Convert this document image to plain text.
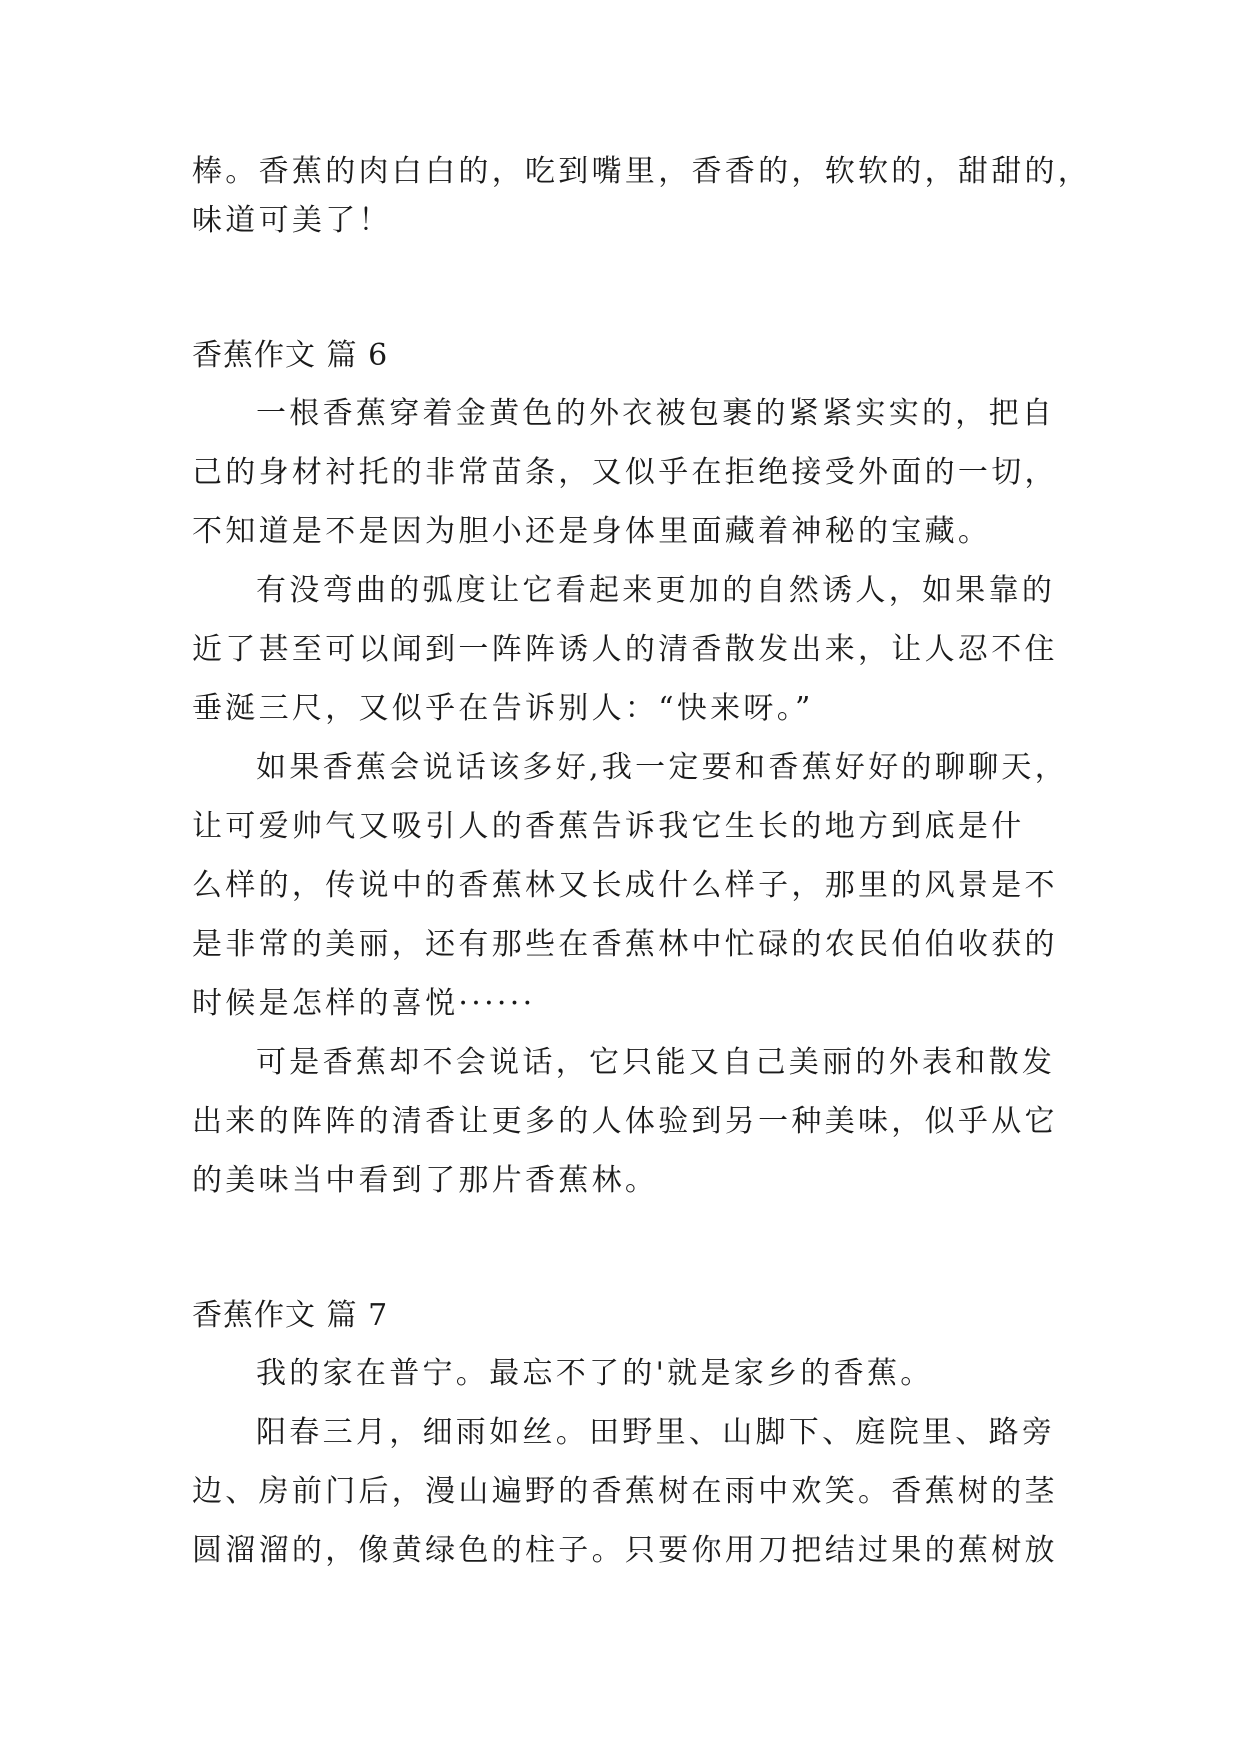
棒。香蕉的肉白白的，吃到嘴里，香香的，软软的，甜甜的，
味道可美了！
香蕉作文 篇 6
一根香蕉穿着金黄色的外衣被包裹的紧紧实实的，把自
己的身材衬托的非常苗条，又似乎在拒绝接受外面的一切，
不知道是不是因为胆小还是身体里面藏着神秘的宝藏。
有没弯曲的弧度让它看起来更加的自然诱人，如果靠的
近了甚至可以闻到一阵阵诱人的清香散发出来，让人忍不住
垂涎三尺，又似乎在告诉别人：“快来呀。”
如果香蕉会说话该多好,我一定要和香蕉好好的聊聊天，
让可爱帅气又吸引人的香蕉告诉我它生长的地方到底是什
么样的，传说中的香蕉林又长成什么样子，那里的风景是不
是非常的美丽，还有那些在香蕉林中忙碌的农民伯伯收获的
时候是怎样的喜悦······
可是香蕉却不会说话，它只能又自己美丽的外表和散发
出来的阵阵的清香让更多的人体验到另一种美味，似乎从它
的美味当中看到了那片香蕉林。
香蕉作文 篇 7
我的家在普宁。最忘不了的'就是家乡的香蕉。
阳春三月，细雨如丝。田野里、山脚下、庭院里、路旁
边、房前门后，漫山遍野的香蕉树在雨中欢笑。香蕉树的茎
圆溜溜的，像黄绿色的柱子。只要你用刀把结过果的蕉树放
